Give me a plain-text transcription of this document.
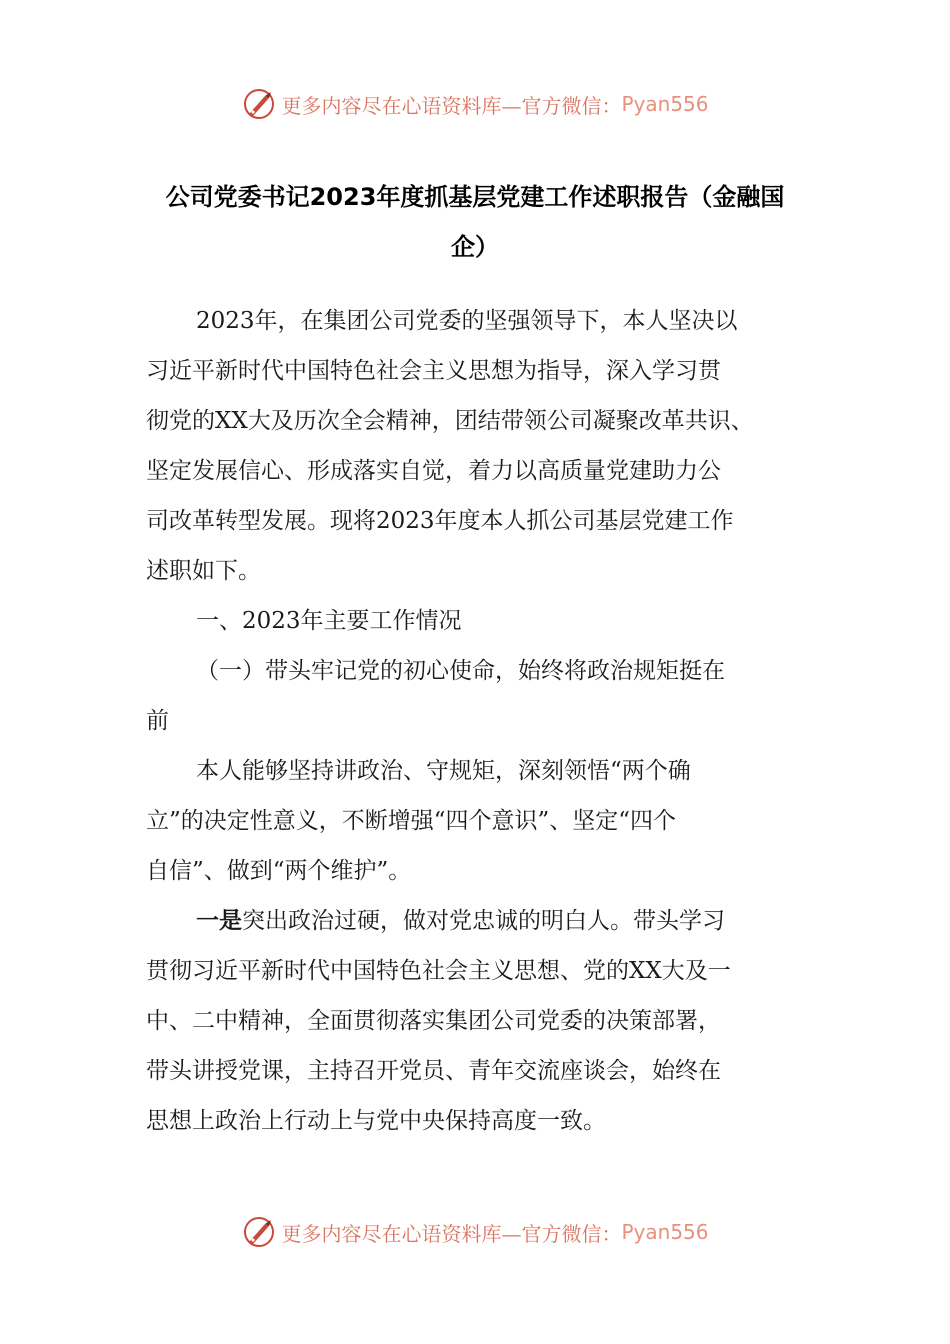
更多内容尽在心语资料库—官方微信： Pyan556
公司党委书记2023年度抓基层党建工作述职报告（金融国
企）
2023年，在集团公司党委的坚强领导下，本人坚决以
习近平新时代中国特色社会主义思想为指导，深入学习贯
彻党的XX大及历次全会精神，团结带领公司凝聚改革共识、
坚定发展信心、形成落实自觉，着力以高质量党建助力公
司改革转型发展。现将2023年度本人抓公司基层党建工作
述职如下。
一、2023年主要工作情况
（一）带头牢记党的初心使命，始终将政治规矩挺在
前
本人能够坚持讲政治、守规矩，深刻领悟“两个确
立”的决定性意义，不断增强“四个意识”、坚定“四个
自信”、做到“两个维护”。
一是突出政治过硬，做对党忠诚的明白人。带头学习
贯彻习近平新时代中国特色社会主义思想、党的XX大及一
中、二中精神，全面贯彻落实集团公司党委的决策部署，
带头讲授党课，主持召开党员、青年交流座谈会，始终在
思想上政治上行动上与党中央保持高度一致。
更多内容尽在心语资料库—官方微信： Pyan556
